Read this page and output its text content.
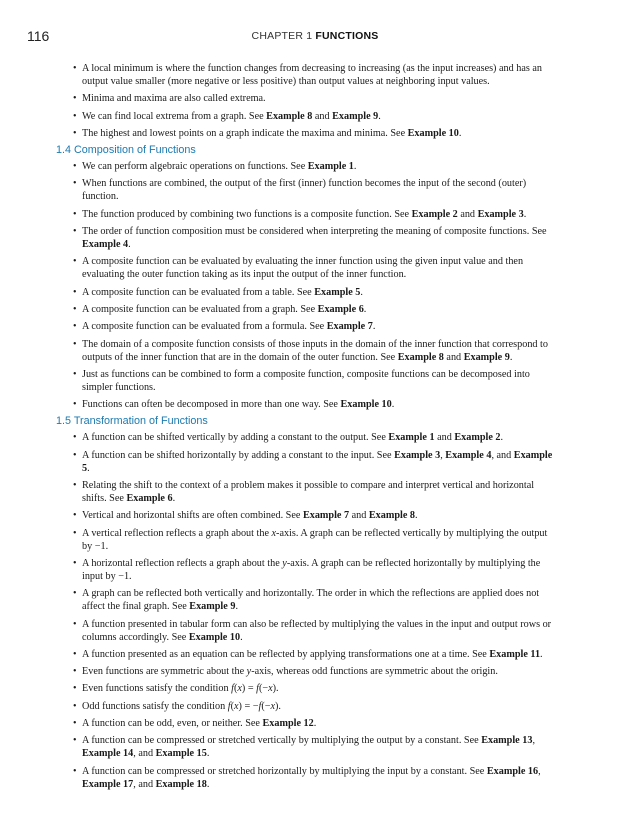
116	CHAPTER 1 FUNCTIONS
• A local minimum is where the function changes from decreasing to increasing (as the input increases) and has an output value smaller (more negative or less positive) than output values at neighboring input values.
• Minima and maxima are also called extrema.
• We can find local extrema from a graph. See Example 8 and Example 9.
• The highest and lowest points on a graph indicate the maxima and minima. See Example 10.
1.4 Composition of Functions
• We can perform algebraic operations on functions. See Example 1.
• When functions are combined, the output of the first (inner) function becomes the input of the second (outer) function.
• The function produced by combining two functions is a composite function. See Example 2 and Example 3.
• The order of function composition must be considered when interpreting the meaning of composite functions. See Example 4.
• A composite function can be evaluated by evaluating the inner function using the given input value and then evaluating the outer function taking as its input the output of the inner function.
• A composite function can be evaluated from a table. See Example 5.
• A composite function can be evaluated from a graph. See Example 6.
• A composite function can be evaluated from a formula. See Example 7.
• The domain of a composite function consists of those inputs in the domain of the inner function that correspond to outputs of the inner function that are in the domain of the outer function. See Example 8 and Example 9.
• Just as functions can be combined to form a composite function, composite functions can be decomposed into simpler functions.
• Functions can often be decomposed in more than one way. See Example 10.
1.5 Transformation of Functions
• A function can be shifted vertically by adding a constant to the output. See Example 1 and Example 2.
• A function can be shifted horizontally by adding a constant to the input. See Example 3, Example 4, and Example 5.
• Relating the shift to the context of a problem makes it possible to compare and interpret vertical and horizontal shifts. See Example 6.
• Vertical and horizontal shifts are often combined. See Example 7 and Example 8.
• A vertical reflection reflects a graph about the x-axis. A graph can be reflected vertically by multiplying the output by −1.
• A horizontal reflection reflects a graph about the y-axis. A graph can be reflected horizontally by multiplying the input by −1.
• A graph can be reflected both vertically and horizontally. The order in which the reflections are applied does not affect the final graph. See Example 9.
• A function presented in tabular form can also be reflected by multiplying the values in the input and output rows or columns accordingly. See Example 10.
• A function presented as an equation can be reflected by applying transformations one at a time. See Example 11.
• Even functions are symmetric about the y-axis, whereas odd functions are symmetric about the origin.
• Even functions satisfy the condition f(x) = f(−x).
• Odd functions satisfy the condition f(x) = −f(−x).
• A function can be odd, even, or neither. See Example 12.
• A function can be compressed or stretched vertically by multiplying the output by a constant. See Example 13, Example 14, and Example 15.
• A function can be compressed or stretched horizontally by multiplying the input by a constant. See Example 16, Example 17, and Example 18.
